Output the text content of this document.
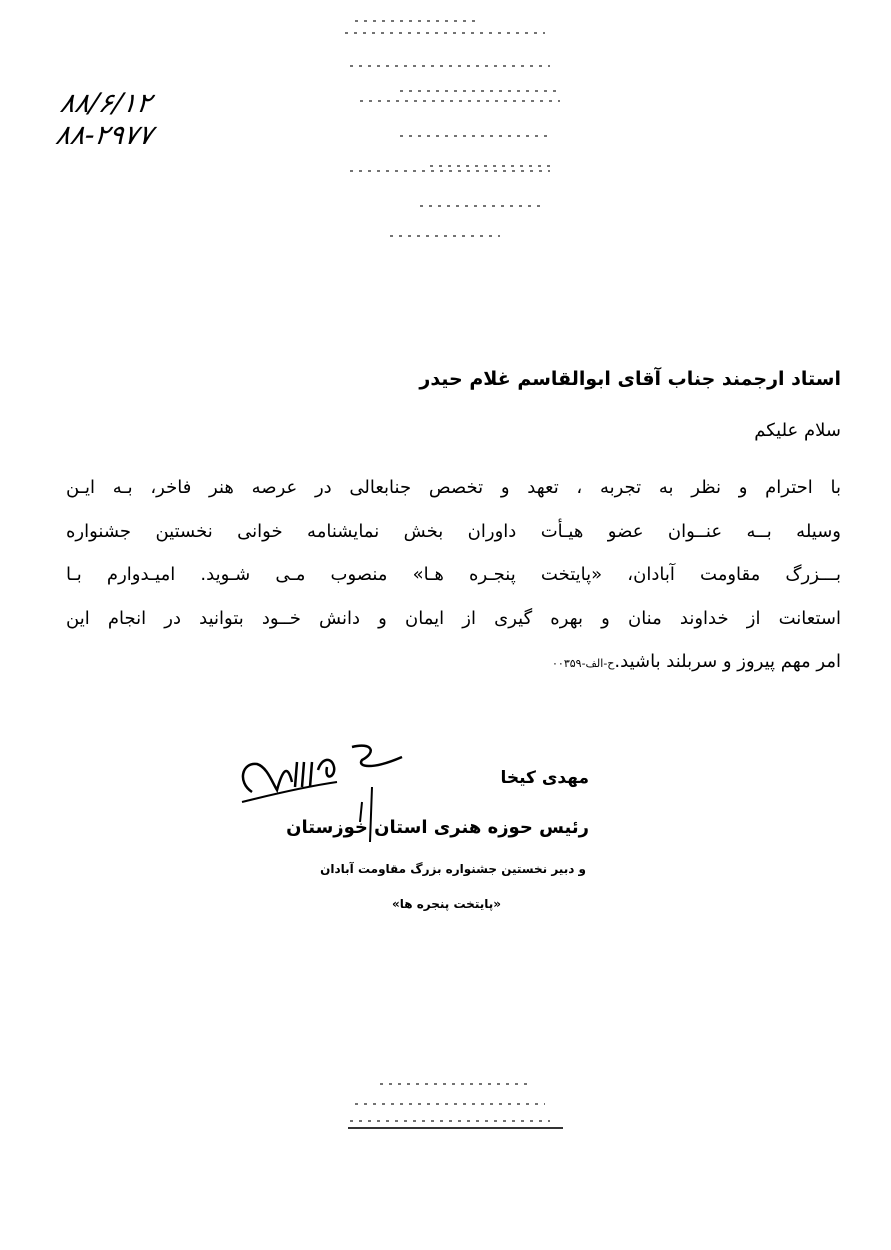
۸۸/۶/۱۲
۸۸-۲۹۷۷
استاد ارجمند جناب آقای ابوالقاسم غلام حیدر
سلام علیکم
با احترام و نظر به تجربه ، تعهد و تخصص جنابعالی در عرصه هنر فاخر، بـه ایـن
وسیله بــه عنــوان عضو هیـأت داوران بخش نمایشنامه خوانی نخستین جشنواره
بـــزرگ مقاومت آبادان، «پایتخت پنجـره هـا» منصوب مـی شـوید. امیـدوارم بـا
استعانت از خداوند منان و بهره گیری از ایمان و دانش خــود بتوانید در انجام این
امر مهم پیروز و سربلند باشید.ح-الف-۰۰۳۵۹
مهدی کیخا
رئیس حوزه هنری استان خوزستان
و دبیر نخستین جشنواره بزرگ مقاومت آبادان
«پایتخت پنجره ها»
